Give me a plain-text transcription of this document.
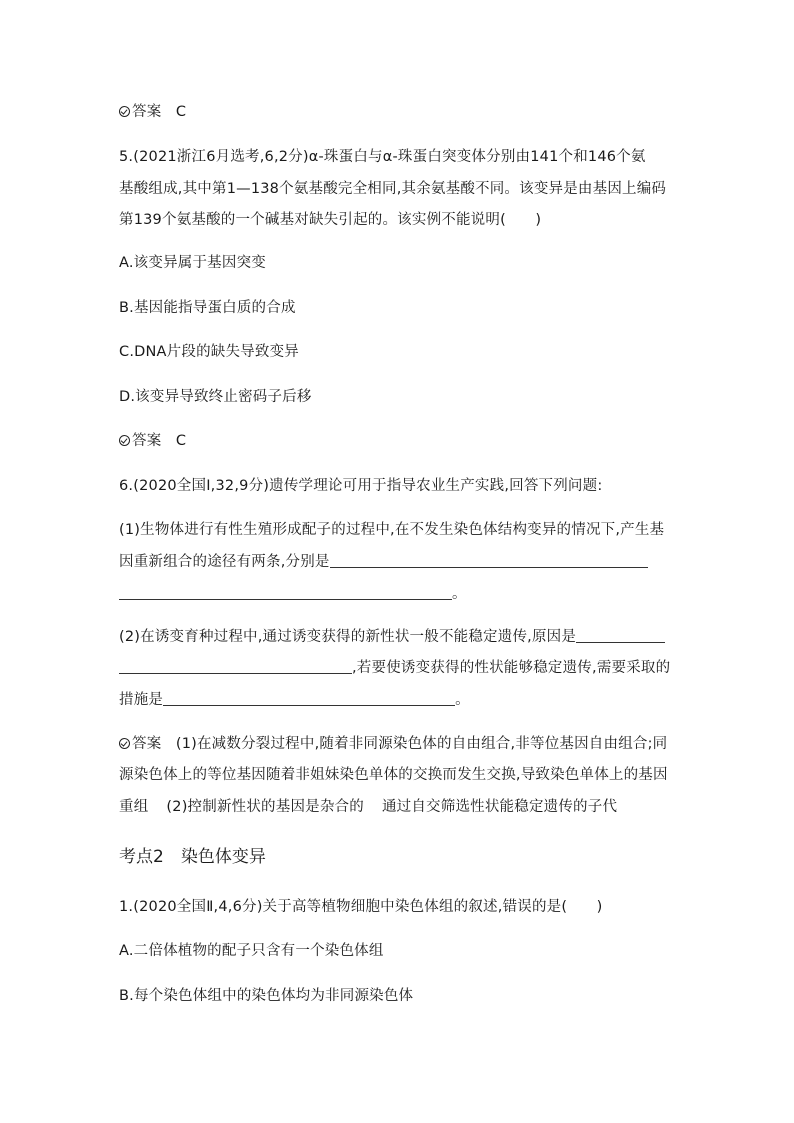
答案 C
5.(2021浙江6月选考,6,2分)α-珠蛋白与α-珠蛋白突变体分别由141个和146个氨
基酸组成,其中第1—138个氨基酸完全相同,其余氨基酸不同。该变异是由基因上编码
第139个氨基酸的一个碱基对缺失引起的。该实例不能说明(　　)
A.该变异属于基因突变
B.基因能指导蛋白质的合成
C.DNA片段的缺失导致变异
D.该变异导致终止密码子后移
答案 C
6.(2020全国Ⅰ,32,9分)遗传学理论可用于指导农业生产实践,回答下列问题:
(1)生物体进行有性生殖形成配子的过程中,在不发生染色体结构变异的情况下,产生基
因重新组合的途径有两条,分别是
。
(2)在诱变育种过程中,通过诱变获得的新性状一般不能稳定遗传,原因是
,若要使诱变获得的性状能够稳定遗传,需要采取的
措施是	。
答案 (1)在减数分裂过程中,随着非同源染色体的自由组合,非等位基因自由组合;同
源染色体上的等位基因随着非姐妹染色单体的交换而发生交换,导致染色单体上的基因
重组 (2)控制新性状的基因是杂合的 通过自交筛选性状能稳定遗传的子代
考点2　染色体变异
1.(2020全国Ⅱ,4,6分)关于高等植物细胞中染色体组的叙述,错误的是(　　)
A.二倍体植物的配子只含有一个染色体组
B.每个染色体组中的染色体均为非同源染色体
